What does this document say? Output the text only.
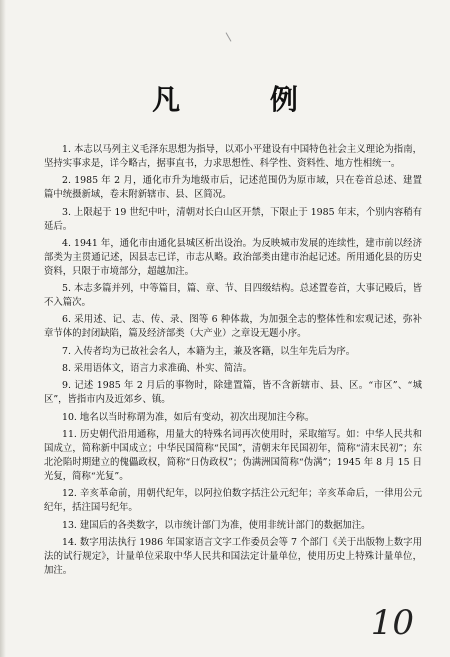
凡 例

1. 本志以马列主义毛泽东思想为指导，以邓小平建设有中国特色社会主义理论为指南，坚持实事求是，详今略古，据事直书，力求思想性、科学性、资料性、地方性相统一。

2. 1985 年 2 月，通化市升为地级市后，记述范围仍为原市域，只在卷首总述、建置篇中统摄新域，卷末附新辖市、县、区简况。

3. 上限起于 19 世纪中叶，清朝对长白山区开禁，下限止于 1985 年末，个别内容稍有延后。

4. 1941 年，通化市由通化县城区析出设治。为反映城市发展的连续性，建市前以经济部类为主贯通记述，因县志已详，市志从略。政治部类由建市治起记述。所用通化县的历史资料，只限于市境部分，超越加注。

5. 本志多篇并列，中等篇目，篇、章、节、目四级结构。总述置卷首，大事记殿后，皆不入篇次。

6. 采用述、记、志、传、录、图等 6 种体裁，为加强全志的整体性和宏观记述，弥补章节体的封闭缺陷，篇及经济部类（大产业）之章设无题小序。

7. 入传者均为已故社会名人，本籍为主，兼及客籍，以生年先后为序。

8. 采用语体文，语言力求准确、朴实、简洁。

9. 记述 1985 年 2 月后的事物时，除建置篇，皆不含新辖市、县、区。“市区”、“城区”，皆指市内及近郊乡、镇。

10. 地名以当时称谓为准，如后有变动，初次出现加注今称。

11. 历史朝代沿用通称，用量大的特殊名词再次使用时，采取缩写。如：中华人民共和国成立，简称新中国成立；中华民国简称“民国”，清朝末年民国初年，简称“清末民初”；东北沦陷时期建立的傀儡政权，简称“日伪政权”；伪满洲国简称“伪满”；1945 年 8 月 15 日光复，简称“光复”。

12. 辛亥革命前，用朝代纪年，以阿拉伯数字括注公元纪年；辛亥革命后，一律用公元纪年，括注国号纪年。

13. 建国后的各类数字，以市统计部门为准，使用非统计部门的数据加注。

14. 数字用法执行 1986 年国家语言文字工作委员会等 7 个部门《关于出版物上数字用法的试行规定》，计量单位采取中华人民共和国法定计量单位，使用历史上特殊计量单位，加注。

10
